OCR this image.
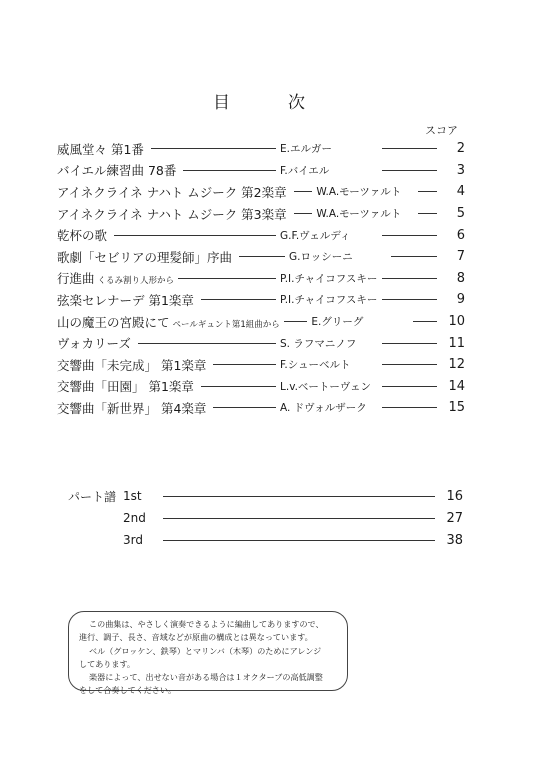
目	次
スコア
威風堂々 第1番	E.エルガー	2
バイエル練習曲 78番	F.バイエル	3
アイネクライネ ナハト ムジーク 第2楽章	W.A.モーツァルト	4
アイネクライネ ナハト ムジーク 第3楽章	W.A.モーツァルト	5
乾杯の歌	G.F.ヴェルディ	6
歌劇「セビリアの理髪師」序曲	G.ロッシーニ	7
行進曲 くるみ割り人形から	P.I.チャイコフスキー	8
弦楽セレナーデ 第1楽章	P.I.チャイコフスキー	9
山の魔王の宮殿にて ペールギュント第1組曲から	E.グリーグ	10
ヴォカリーズ	S. ラフマニノフ	11
交響曲「未完成」 第1楽章	F.シューベルト	12
交響曲「田園」 第1楽章	L.v.ベートーヴェン	14
交響曲「新世界」 第4楽章	A. ドヴォルザーク	15
パート譜 1st	16
2nd	27
3rd	38

この曲集は、やさしく演奏できるように編曲してありますので、

進行、調子、長さ、音域などが原曲の構成とは異なっています。

ベル（グロッケン、鉄琴）とマリンバ（木琴）のためにアレンジ

してあります。

楽器によって、出せない音がある場合は１オクターブの高低調整

をして合奏してください。
